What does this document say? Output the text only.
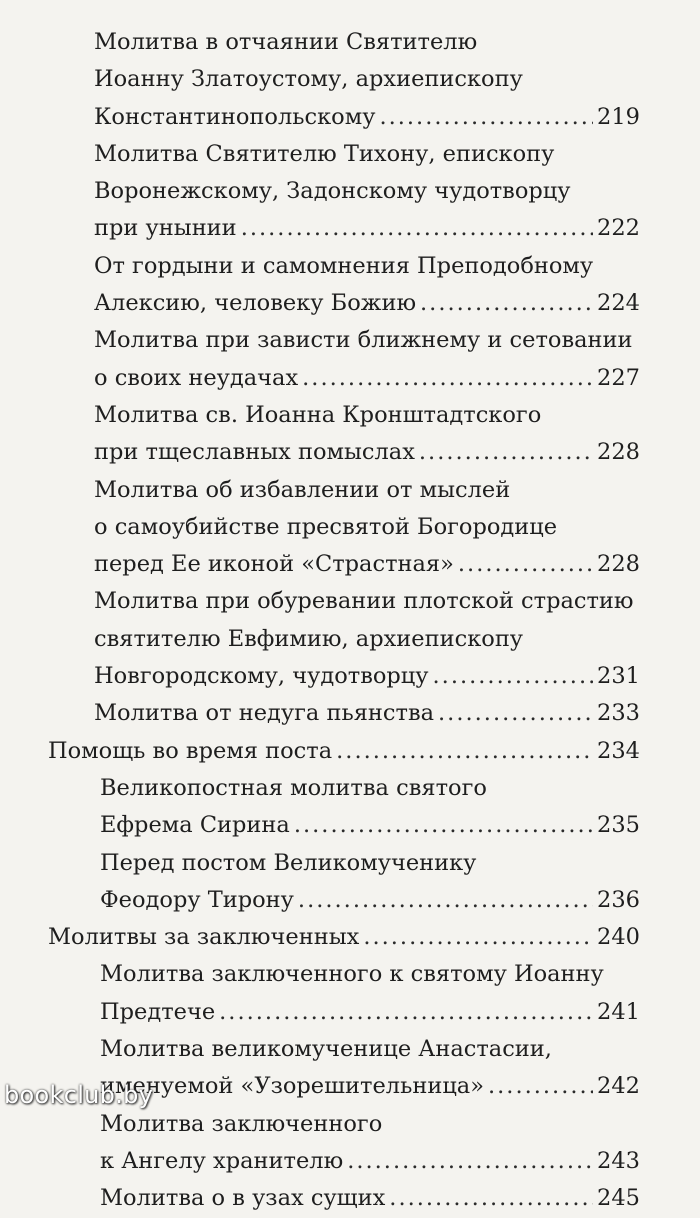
Молитва в отчаянии Святителю
Иоанну Златоустому, архиепископу
Константинопольскому .....	219
Молитва Святителю Тихону, епископу
Воронежскому, Задонскому чудотворцу
при унынии .....	222
От гордыни и самомнения Преподобному
Алексию, человеку Божию .....	224
Молитва при зависти ближнему и сетовании
о своих неудачах .....	227
Молитва св. Иоанна Кронштадтского
при тщеславных помыслах .....	228
Молитва об избавлении от мыслей
о самоубийстве пресвятой Богородице
перед Ее иконой «Страстная» .....	228
Молитва при обуревании плотской страстию
святителю Евфимию, архиепископу
Новгородскому, чудотворцу .....	231
Молитва от недуга пьянства .....	233
Помощь во время поста .....	234
Великопостная молитва святого
Ефрема Сирина .....	235
Перед постом Великомученику
Феодору Тирону .....	236
Молитвы за заключенных .....	240
Молитва заключенного к святому Иоанну
Предтече .....	241
Молитва великомученице Анастасии,
именуемой «Узорешительница» .....	242
Молитва заключенного
к Ангелу хранителю .....	243
Молитва о в узах сущих .....	245
bookclub.by
